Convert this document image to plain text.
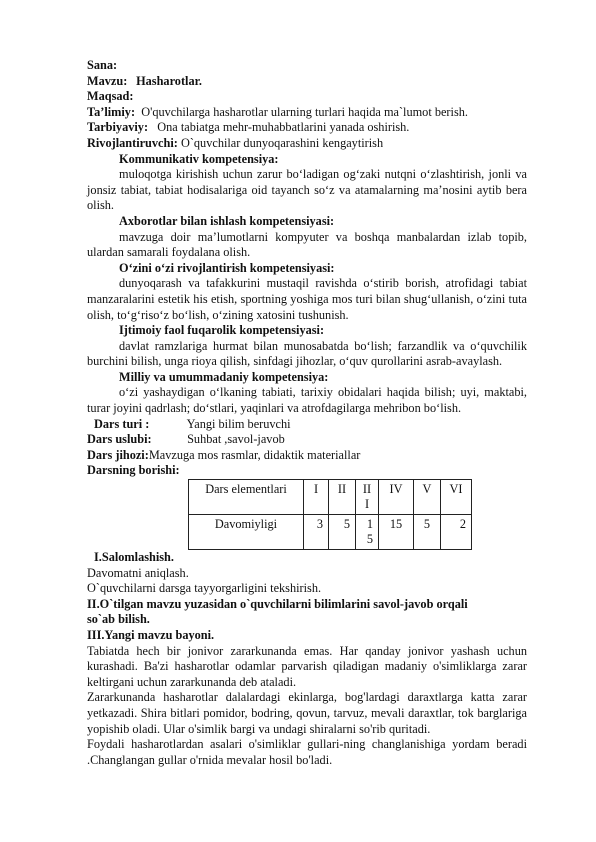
Sana:
Mavzu: Hasharotlar.
Maqsad:
Ta’limiy: O'quvchilarga hasharotlar ularning turlari haqida ma`lumot berish.
Tarbiyaviy: Ona tabiatga mehr-muhabbatlarini yanada oshirish.
Rivojlantiruvchi: O`quvchilar dunyoqarashini kengaytirish
Kommunikativ kompetensiya:
muloqotga kirishish uchun zarur bo‘ladigan og‘zaki nutqni o‘zlashtirish, jonli va jonsiz tabiat, tabiat hodisalariga oid tayanch so‘z va atamalarning ma’nosini aytib bera olish.
Axborotlar bilan ishlash kompetensiyasi:
mavzuga doir ma’lumotlarni kompyuter va boshqa manbalardan izlab topib, ulardan samarali foydalana olish.
O‘zini o‘zi rivojlantirish kompetensiyasi:
dunyoqarash va tafakkurini mustaqil ravishda o‘stirib borish, atrofidagi tabiat manzaralarini estetik his etish, sportning yoshiga mos turi bilan shug‘ullanish, o‘zini tuta olish, to‘g‘riso‘z bo‘lish, o‘zining xatosini tushunish.
Ijtimoiy faol fuqarolik kompetensiyasi:
davlat ramzlariga hurmat bilan munosabatda bo‘lish; farzandlik va o‘quvchilik burchini bilish, unga rioya qilish, sinfdagi jihozlar, o‘quv qurollarini asrab-avaylash.
Milliy va umummadaniy kompetensiya:
o‘zi yashaydigan o‘lkaning tabiati, tarixiy obidalari haqida bilish; uyi, maktabi, turar joyini qadrlash; do‘stlari, yaqinlari va atrofdagilarga mehribon bo‘lish.
Dars turi :	Yangi bilim beruvchi
Dars uslubi:	Suhbat ,savol-javob
Dars jihozi:Mavzuga mos rasmlar, didaktik materiallar
Darsning borishi:
Dars elementlari	I	II	II I	IV	V	VI
Davomiyligi	3	5	1 5	15	5	2
I.Salomlashish.
Davomatni aniqlash.
O`quvchilarni darsga tayyorgarligini tekshirish.
II.O`tilgan mavzu yuzasidan o`quvchilarni bilimlarini savol-javob orqali so`ab bilish.
III.Yangi mavzu bayoni.
Tabiatda hech bir jonivor zararkunanda emas. Har qanday jonivor yashash uchun kurashadi. Ba'zi hasharotlar odamlar parvarish qiladigan madaniy o'simliklarga zarar keltirgani uchun zararkunanda deb ataladi.
Zararkunanda hasharotlar dalalardagi ekinlarga, bog'lardagi daraxtlarga katta zarar yetkazadi. Shira bitlari pomidor, bodring, qovun, tarvuz, mevali daraxtlar, tok barglariga yopishib oladi. Ular o'simlik bargi va undagi shiralarni so'rib quritadi.
Foydali hasharotlardan asalari o'simliklar gullari-ning changlanishiga yordam beradi .Changlangan gullar o'rnida mevalar hosil bo'ladi.
